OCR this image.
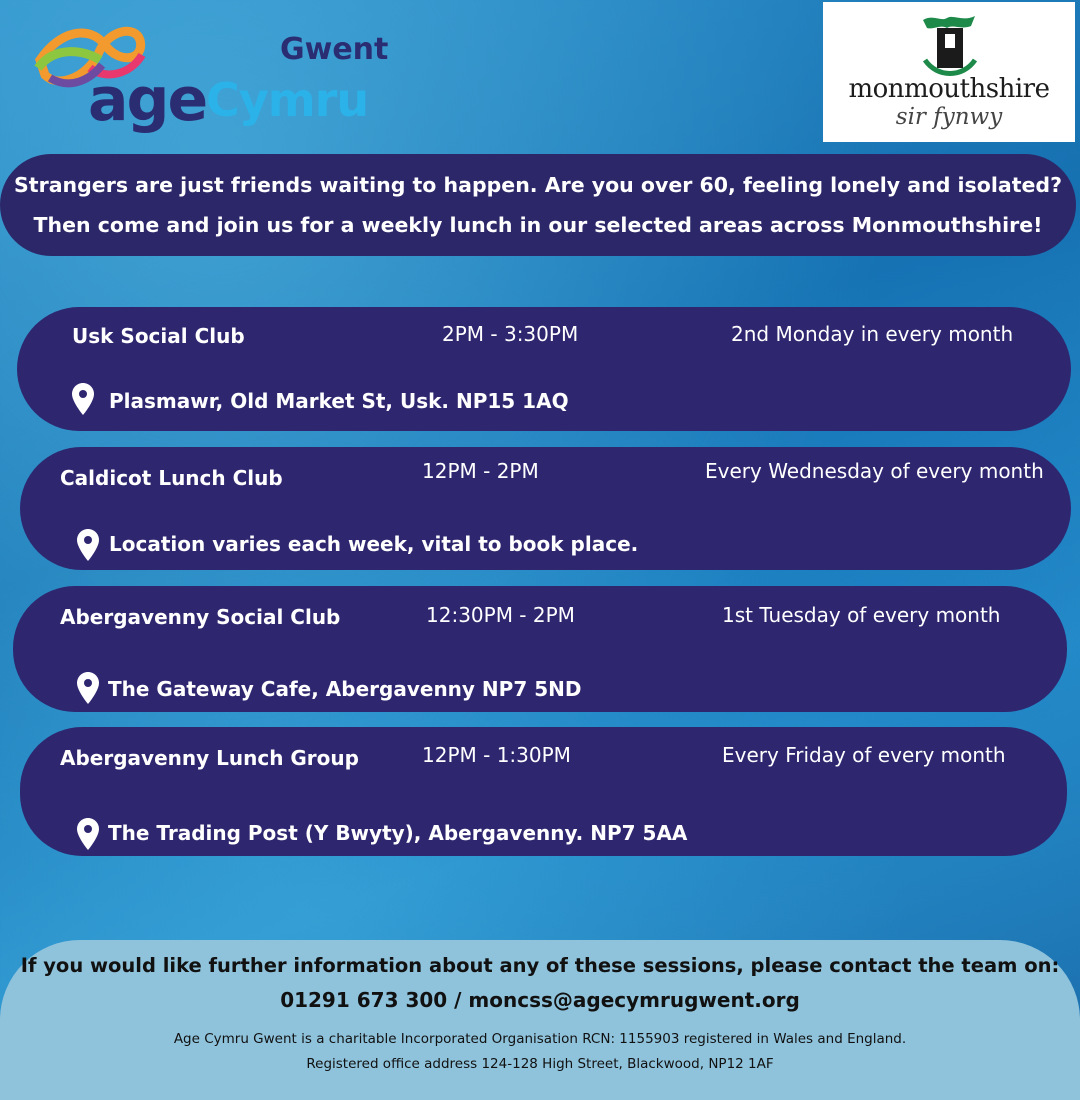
Gwent
age Cymru	monmouthshire
sir fynwy
Strangers are just friends waiting to happen. Are you over 60, feeling lonely and isolated?
Then come and join us for a weekly lunch in our selected areas across Monmouthshire!
Usk Social Club	2PM - 3:30PM	2nd Monday in every month
Plasmawr, Old Market St, Usk. NP15 1AQ
Caldicot Lunch Club	12PM - 2PM	Every Wednesday of every month
Location varies each week, vital to book place.
Abergavenny Social Club	12:30PM - 2PM	1st Tuesday of every month
The Gateway Cafe, Abergavenny NP7 5ND
Abergavenny Lunch Group	12PM - 1:30PM	Every Friday of every month
The Trading Post (Y Bwyty), Abergavenny. NP7 5AA
If you would like further information about any of these sessions, please contact the team on:
01291 673 300 / moncss@agecymrugwent.org
Age Cymru Gwent is a charitable Incorporated Organisation RCN: 1155903 registered in Wales and England.
Registered office address 124-128 High Street, Blackwood, NP12 1AF
